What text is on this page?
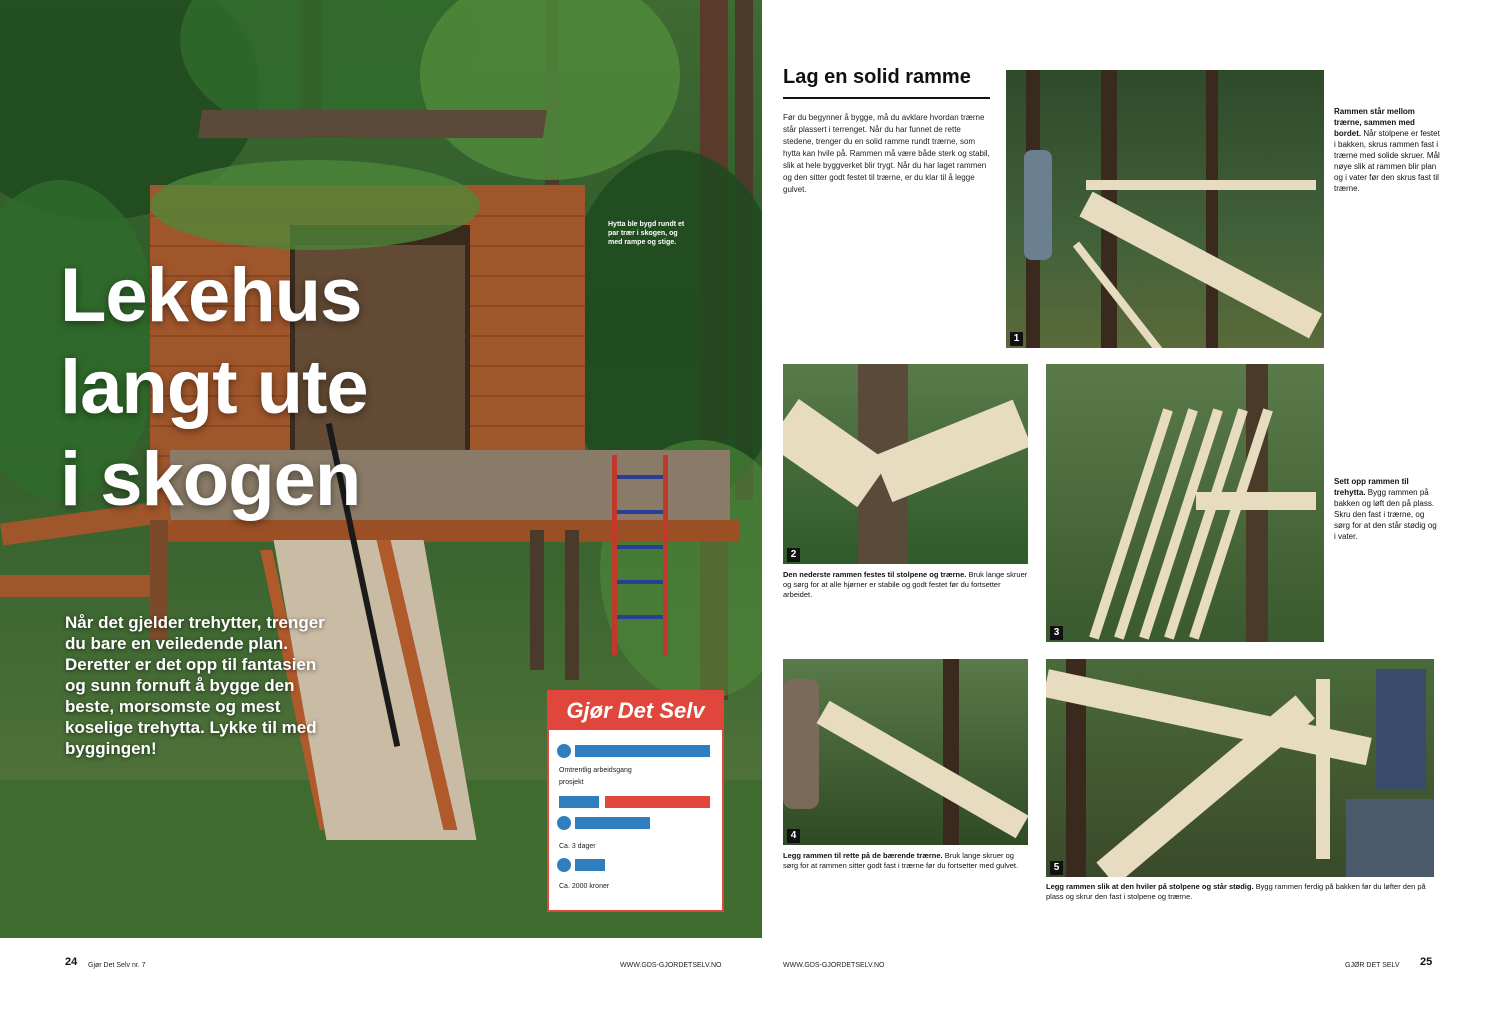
Lekehus
langt ute
i skogen
Hytta ble bygd rundt et par trær i skogen, og med rampe og stige.
Når det gjelder trehytter, trenger du bare en veiledende plan. Deretter er det opp til fantasien og sunn fornuft å bygge den beste, morsomste og mest koselige trehytta. Lykke til med byggingen!
Gjør Det Selv
Omtrentlig arbeidsgang
prosjekt
Ca. 3 dager
Ca. 2000 kroner
24 Gjør Det Selv nr. 7	WWW.GDS-GJORDETSELV.NO
Lag en solid ramme
Før du begynner å bygge, må du avklare hvordan trærne står plassert i terrenget. Når du har funnet de rette stedene, trenger du en solid ramme rundt trærne, som hytta kan hvile på. Rammen må være både sterk og stabil, slik at hele byggverket blir trygt. Når du har laget rammen og den sitter godt festet til trærne, er du klar til å legge gulvet.
1
Rammen står mellom trærne, sammen med bordet. Når stolpene er festet i bakken, skrus rammen fast i trærne med solide skruer. Mål nøye slik at rammen blir plan og i vater før den skrus fast til trærne.
2
Den nederste rammen festes til stolpene og trærne. Bruk lange skruer og sørg for at alle hjørner er stabile og godt festet før du fortsetter arbeidet.
3
Sett opp rammen til trehytta. Bygg rammen på bakken og løft den på plass. Skru den fast i trærne, og sørg for at den står stødig og i vater.
4
Legg rammen til rette på de bærende trærne. Bruk lange skruer og sørg for at rammen sitter godt fast i trærne før du fortsetter med gulvet.	5
Legg rammen slik at den hviler på stolpene og står stødig. Bygg rammen ferdig på bakken før du løfter den på plass og skrur den fast i stolpene og trærne.
WWW.GDS-GJORDETSELV.NO	GJØR DET SELV 25
